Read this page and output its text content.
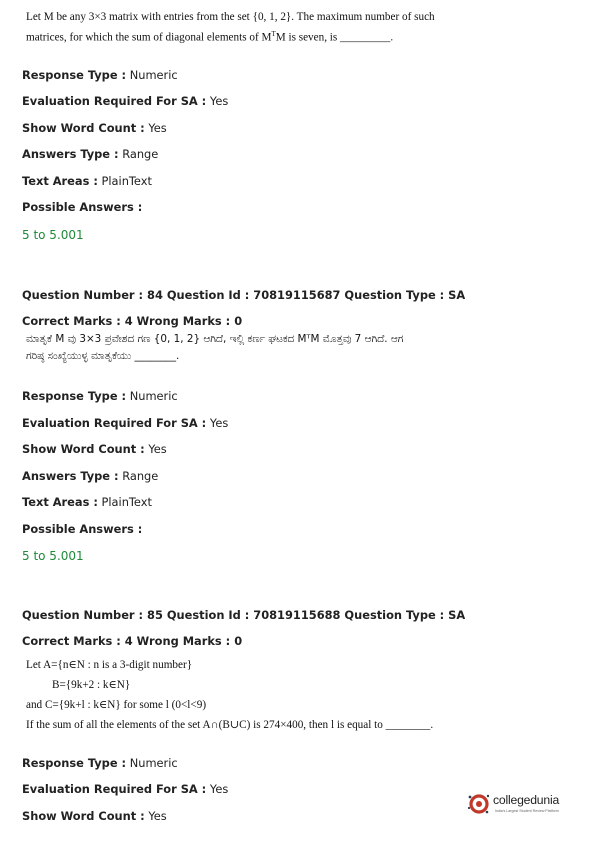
Let M be any 3×3 matrix with entries from the set {0, 1, 2}. The maximum number of such
matrices, for which the sum of diagonal elements of $M^TM$ is seven, is _________.
Response Type : Numeric
Evaluation Required For SA : Yes
Show Word Count : Yes
Answers Type : Range
Text Areas : PlainText
Possible Answers :
5 to 5.001
Question Number : 84 Question Id : 70819115687 Question Type : SA
Correct Marks : 4 Wrong Marks : 0
ಮಾತೃಕೆ M ವು 3×3 ಪ್ರವೇಶದ ಗಣ {0, 1, 2} ಆಗಿದೆ, ಇಲ್ಲಿ ಕರ್ಣ ಘಟಕದ MᵀM ಮೊತ್ತವು 7 ಆಗಿದೆ. ಆಗ
ಗರಿಷ್ಠ ಸಂಖ್ಯೆಯುಳ್ಳ ಮಾತೃಕೆಯು ________.
Response Type : Numeric
Evaluation Required For SA : Yes
Show Word Count : Yes
Answers Type : Range
Text Areas : PlainText
Possible Answers :
5 to 5.001
Question Number : 85 Question Id : 70819115688 Question Type : SA
Correct Marks : 4 Wrong Marks : 0
Let A={n∈N : n is a 3-digit number}
B={9k+2 : k∈N}
and C={9k+l : k∈N} for some l (0<l<9)
If the sum of all the elements of the set A∩(B∪C) is 274×400, then l is equal to ________.
Response Type : Numeric
Evaluation Required For SA : Yes
Show Word Count : Yes
collegedunia
India's Largest Student Review Platform
